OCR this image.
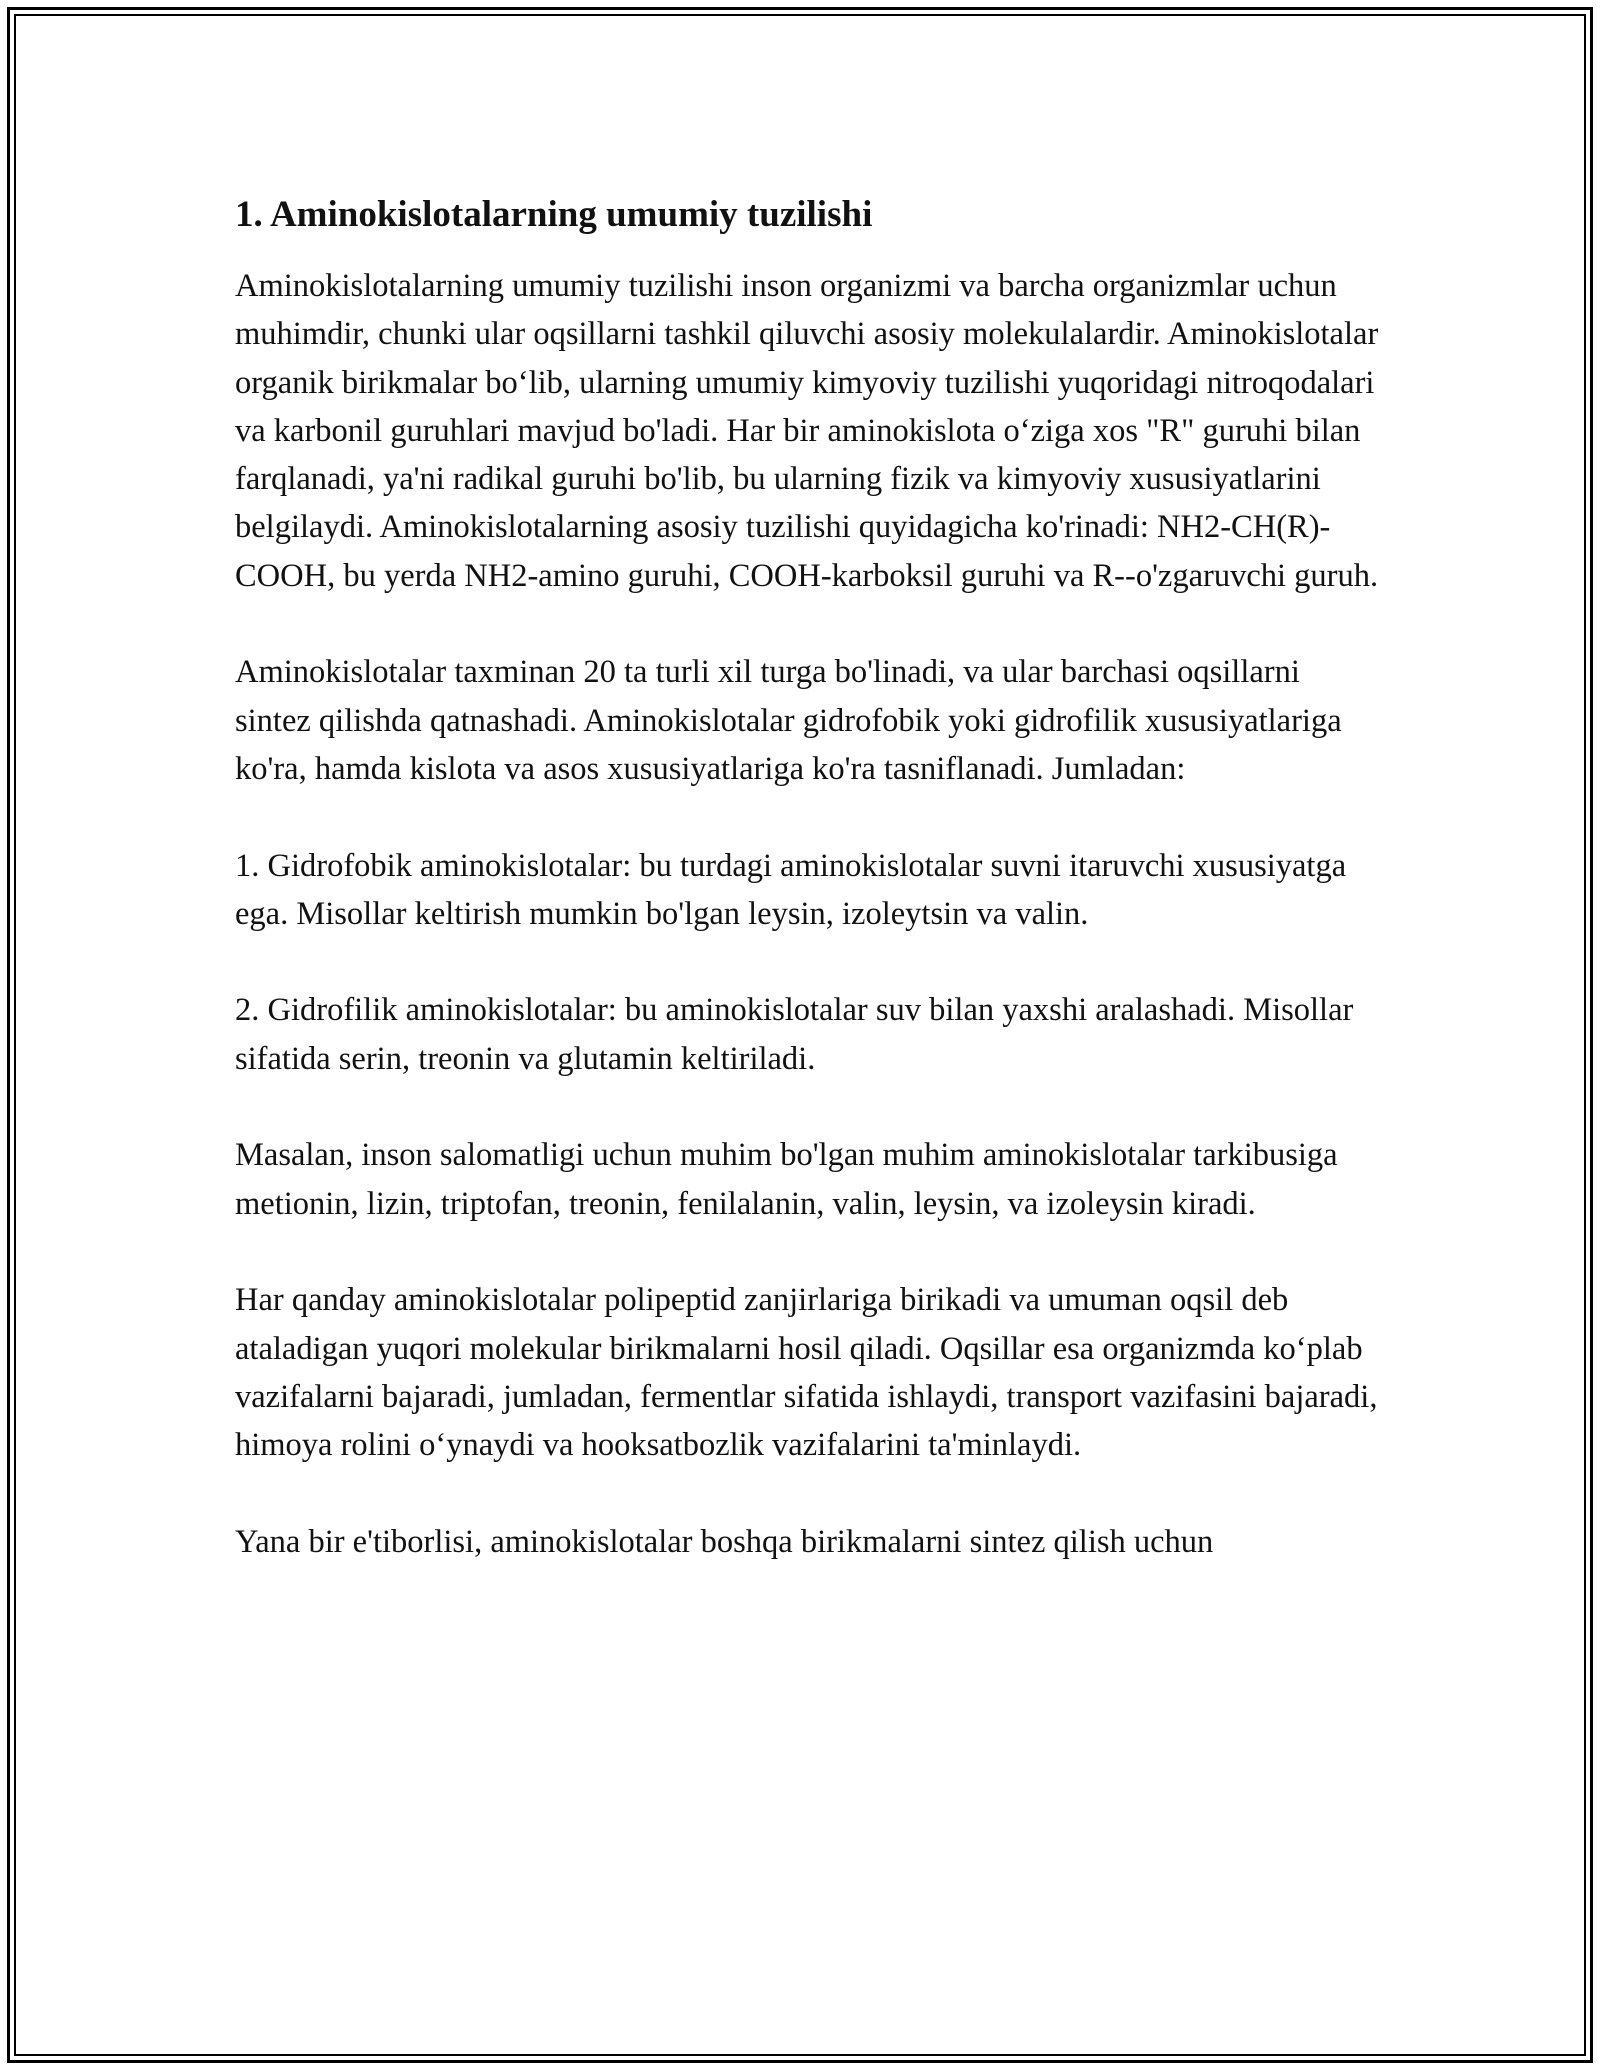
1. Aminokislotalarning umumiy tuzilishi

Aminokislotalarning umumiy tuzilishi inson organizmi va barcha organizmlar uchun muhimdir, chunki ular oqsillarni tashkil qiluvchi asosiy molekulalardir. Aminokislotalar organik birikmalar boʻlib, ularning umumiy kimyoviy tuzilishi yuqoridagi nitroqodalari va karbonil guruhlari mavjud bo'ladi. Har bir aminokislota oʻziga xos "R" guruhi bilan farqlanadi, ya'ni radikal guruhi bo'lib, bu ularning fizik va kimyoviy xususiyatlarini belgilaydi. Aminokislotalarning asosiy tuzilishi quyidagicha ko'rinadi: NH2-CH(R)-COOH, bu yerda NH2-amino guruhi, COOH-karboksil guruhi va R--o'zgaruvchi guruh.

Aminokislotalar taxminan 20 ta turli xil turga bo'linadi, va ular barchasi oqsillarni sintez qilishda qatnashadi. Aminokislotalar gidrofobik yoki gidrofilik xususiyatlariga ko'ra, hamda kislota va asos xususiyatlariga ko'ra tasniflanadi. Jumladan:

1. Gidrofobik aminokislotalar: bu turdagi aminokislotalar suvni itaruvchi xususiyatga ega. Misollar keltirish mumkin bo'lgan leysin, izoleytsin va valin.

2. Gidrofilik aminokislotalar: bu aminokislotalar suv bilan yaxshi aralashadi. Misollar sifatida serin, treonin va glutamin keltiriladi.

Masalan, inson salomatligi uchun muhim bo'lgan muhim aminokislotalar tarkibusiga metionin, lizin, triptofan, treonin, fenilalanin, valin, leysin, va izoleysin kiradi.

Har qanday aminokislotalar polipeptid zanjirlariga birikadi va umuman oqsil deb ataladigan yuqori molekular birikmalarni hosil qiladi. Oqsillar esa organizmda koʻplab vazifalarni bajaradi, jumladan, fermentlar sifatida ishlaydi, transport vazifasini bajaradi, himoya rolini oʻynaydi va hooksatbozlik vazifalarini ta'minlaydi.

Yana bir e'tiborlisi, aminokislotalar boshqa birikmalarni sintez qilish uchun
